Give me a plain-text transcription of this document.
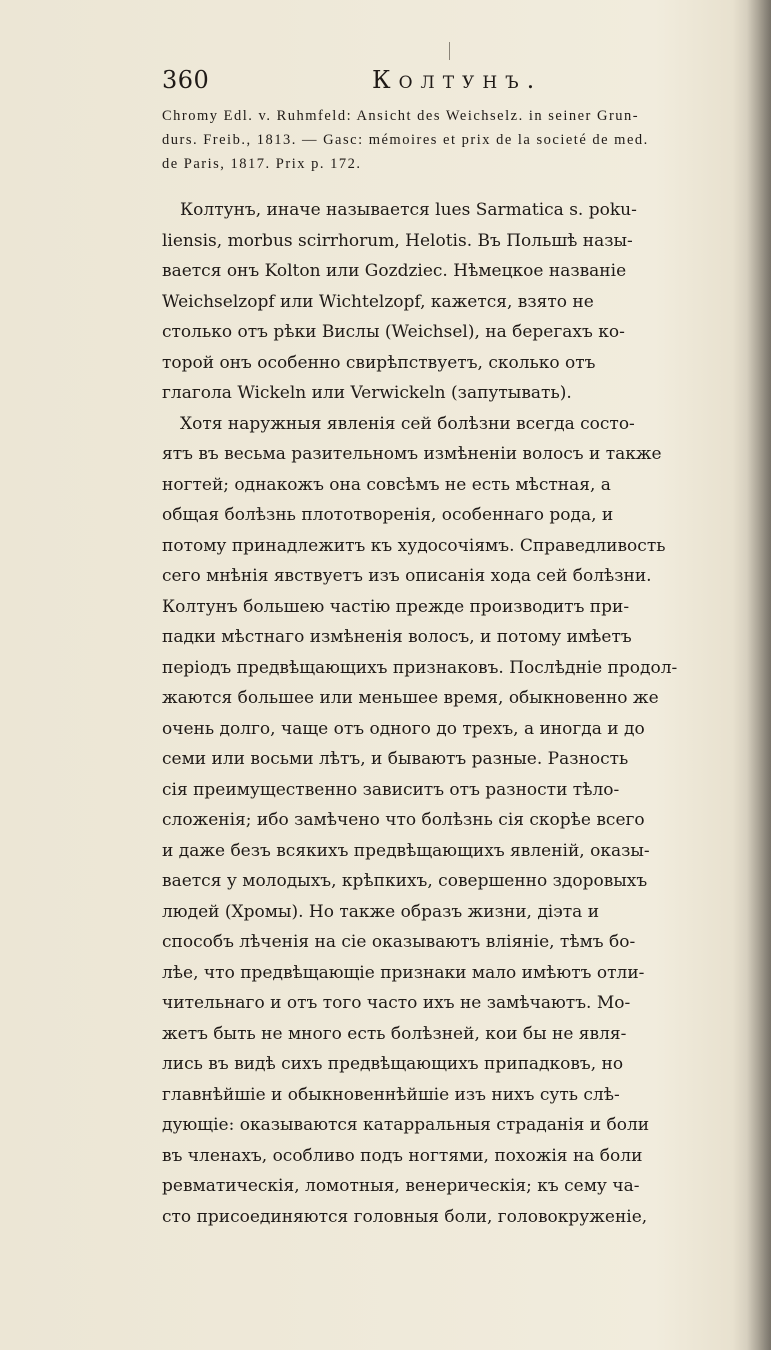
360	Колтунъ.
Chromy Edl. v. Ruhmfeld: Ansicht des Weichselz. in seiner Grun-
durs. Freib., 1813. — Gasc: mémoires et prix de la societé de med.
de Paris, 1817. Prix p. 172.
Колтунъ, иначе называется lues Sarmatica s. poku-
liensis, morbus scirrhorum, Helotis. Въ Польшѣ назы-
вается онъ Kolton или Gozdziec. Нѣмецкое названіе
Weichselzopf или Wichtelzopf, кажется, взято не
столько отъ рѣки Вислы (Weichsel), на берегахъ ко-
торой онъ особенно свирѣпствуетъ, сколько отъ
глагола Wickeln или Verwickeln (запутывать).
Хотя наружныя явленія сей болѣзни всегда состо-
ятъ въ весьма разительномъ измѣненіи волосъ и также
ногтей; однакожъ она совсѣмъ не есть мѣстная, а
общая болѣзнь плототворенія, особеннаго рода, и
потому принадлежитъ къ худосочіямъ. Справедливость
сего мнѣнія явствуетъ изъ описанія хода сей болѣзни.
Колтунъ большею частію прежде производитъ при-
падки мѣстнаго измѣненія волосъ, и потому имѣетъ
періодъ предвѣщающихъ признаковъ. Послѣдніе продол-
жаются большее или меньшее время, обыкновенно же
очень долго, чаще отъ одного до трехъ, а иногда и до
семи или восьми лѣтъ, и бываютъ разные. Разность
сія преимущественно зависитъ отъ разности тѣло-
сложенія; ибо замѣчено что болѣзнь сія скорѣе всего
и даже безъ всякихъ предвѣщающихъ явленій, оказы-
вается у молодыхъ, крѣпкихъ, совершенно здоровыхъ
людей (Хромы). Но также образъ жизни, діэта и
способъ лѣченія на сіе оказываютъ вліяніе, тѣмъ бо-
лѣе, что предвѣщающіе признаки мало имѣютъ отли-
чительнаго и отъ того часто ихъ не замѣчаютъ. Мо-
жетъ быть не много есть болѣзней, кои бы не явля-
лись въ видѣ сихъ предвѣщающихъ припадковъ, но
главнѣйшіе и обыкновеннѣйшіе изъ нихъ суть слѣ-
дующіе: оказываются катарральныя страданія и боли
въ членахъ, особливо подъ ногтями, похожія на боли
ревматическія, ломотныя, венерическія; къ сему ча-
сто присоединяются головныя боли, головокруженіе,
